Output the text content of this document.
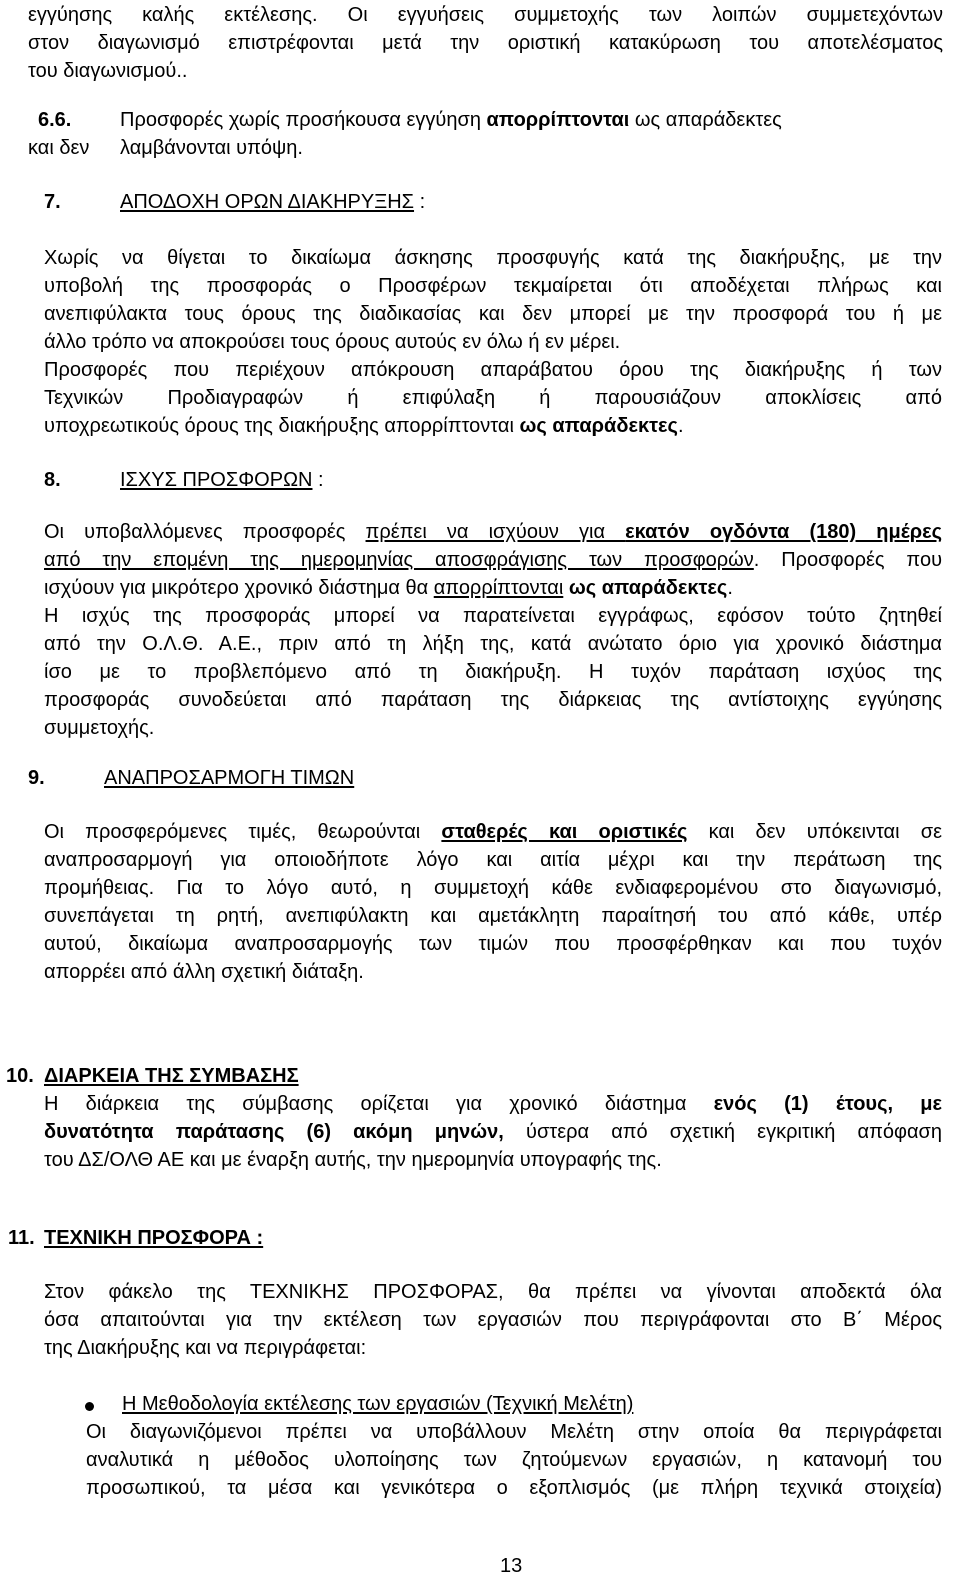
εγγύησης καλής εκτέλεσης. Οι εγγυήσεις συμμετοχής των λοιπών συμμετεχόντων
στον διαγωνισμό επιστρέφονται μετά την οριστική κατακύρωση του αποτελέσματος
του διαγωνισμού..
6.6. Προσφορές χωρίς προσήκουσα εγγύηση απορρίπτονται ως απαράδεκτες
και δεν λαμβάνονται υπόψη.
7.	ΑΠΟΔΟΧΗ ΟΡΩΝ ΔΙΑΚΗΡΥΞΗΣ :
Χωρίς να θίγεται το δικαίωμα άσκησης προσφυγής κατά της διακήρυξης, με την
υποβολή της προσφοράς ο Προσφέρων τεκμαίρεται ότι αποδέχεται πλήρως και
ανεπιφύλακτα τους όρους της διαδικασίας και δεν μπορεί με την προσφορά του ή με
άλλο τρόπο να αποκρούσει τους όρους αυτούς εν όλω ή εν μέρει.
Προσφορές που περιέχουν απόκρουση απαράβατου όρου της διακήρυξης ή των
Τεχνικών Προδιαγραφών ή επιφύλαξη ή παρουσιάζουν αποκλίσεις από
υποχρεωτικούς όρους της διακήρυξης απορρίπτονται ως απαράδεκτες.
8.	ΙΣΧΥΣ ΠΡΟΣΦΟΡΩΝ :
Οι υποβαλλόμενες προσφορές πρέπει να ισχύουν για εκατόν ογδόντα (180) ημέρες
από την επομένη της ημερομηνίας αποσφράγισης των προσφορών. Προσφορές που
ισχύουν για μικρότερο χρονικό διάστημα θα απορρίπτονται ως απαράδεκτες.
Η ισχύς της προσφοράς μπορεί να παρατείνεται εγγράφως, εφόσον τούτο ζητηθεί
από την Ο.Λ.Θ. Α.Ε., πριν από τη λήξη της, κατά ανώτατο όριο για χρονικό διάστημα
ίσο με το προβλεπόμενο από τη διακήρυξη. Η τυχόν παράταση ισχύος της
προσφοράς συνοδεύεται από παράταση της διάρκειας της αντίστοιχης εγγύησης
συμμετοχής.
9.	ΑΝΑΠΡΟΣΑΡΜΟΓΗ ΤΙΜΩΝ
Οι προσφερόμενες τιμές, θεωρούνται σταθερές και οριστικές και δεν υπόκεινται σε
αναπροσαρμογή για οποιοδήποτε λόγο και αιτία μέχρι και την περάτωση της
προμήθειας. Για το λόγο αυτό, η συμμετοχή κάθε ενδιαφερομένου στο διαγωνισμό,
συνεπάγεται τη ρητή, ανεπιφύλακτη και αμετάκλητη παραίτησή του από κάθε, υπέρ
αυτού, δικαίωμα αναπροσαρμογής των τιμών που προσφέρθηκαν και που τυχόν
απορρέει από άλλη σχετική διάταξη.
10. ΔΙΑΡΚΕΙΑ ΤΗΣ ΣΥΜΒΑΣΗΣ
Η διάρκεια της σύμβασης ορίζεται για χρονικό διάστημα ενός (1) έτους, με
δυνατότητα παράτασης (6) ακόμη μηνών, ύστερα από σχετική εγκριτική απόφαση
του ΔΣ/ΟΛΘ ΑΕ και με έναρξη αυτής, την ημερομηνία υπογραφής της.
11. ΤΕΧΝΙΚΗ ΠΡΟΣΦΟΡΑ :
Στον φάκελο της ΤΕΧΝΙΚΗΣ ΠΡΟΣΦΟΡΑΣ, θα πρέπει να γίνονται αποδεκτά όλα
όσα απαιτούνται για την εκτέλεση των εργασιών που περιγράφονται στο Β΄ Μέρος
της Διακήρυξης και να περιγράφεται:
Η Μεθοδολογία εκτέλεσης των εργασιών (Τεχνική Μελέτη)
Οι διαγωνιζόμενοι πρέπει να υποβάλλουν Μελέτη στην οποία θα περιγράφεται
αναλυτικά η μέθοδος υλοποίησης των ζητούμενων εργασιών, η κατανομή του
προσωπικού, τα μέσα και γενικότερα ο εξοπλισμός (με πλήρη τεχνικά στοιχεία)
13
